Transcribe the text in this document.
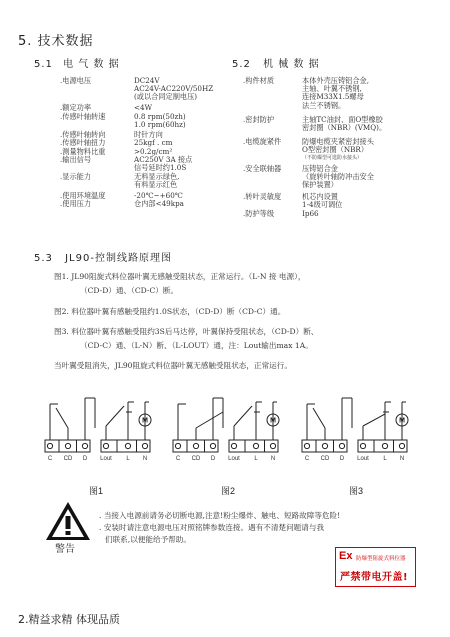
5. 技术数据
5.1 电 气 数 据	5.2 机 械 数 据
.电源电压	DC24V
AC24V-AC220V/50HZ
(或以合同定制电压)
.额定功率	<4W
.传感叶轴转速	0.8 rpm(50zh)
1.0 rpm(60hz)
.传感叶轴转向	时针方向
.传感叶轴扭力	25kgf . cm
.测量物料比重	>0.2g/cm²
.输出信号	AC250V 3A 接点
信号延时约1.0S
.显示能力	无料显示绿色,
有料显示红色
.使用环境温度	-20℃~+60℃
.使用压力	仓内部<49kpa
.构件材质	本体外壳压铸铝合金,
主轴、叶翼不锈钢,
连接M33X1.5螺母
法兰不锈钢。
.密封防护	主轴TC油封、面O型橡胶
密封圈（NBR）(VMQ)。
.电缆旋紧件	防爆电缆夹紧密封接头
O型密封圈（NBR）
（不防爆型可选防水接头）
.安全联轴器	压铸铝合金
（旋转叶轴防冲击安全
保护装置）
.转叶灵敏度	机芯内设置
1-4级可调位
.防护等级	Ip66
5.3 JL90-控制线路原理图
图1. JL90阻旋式料位器叶翼无感触受阻状态，正常运行。（L-N 接 电源），
（CD-D）通、（CD-C）断。
图2. 料位器叶翼有感触受阻约1.0S状态，（CD-D）断（CD-C）通。
图3. 料位器叶翼有感触受阻约3S后马达停，叶翼保持受阻状态，（CD-D）断、
（CD-C）通、（L-N）断、（L-LOUT）通，注：Lout输出max 1A。
当叶翼受阻消失，JL90阻旋式料位器叶翼无感触受阻状态，正常运行。
C CD D Lout L N
M
C CD D Lout L N
M
C CD D Lout L N
M
图1	图2	图3
警告
. 当接入电源前请务必切断电源,注意!粉尘爆炸、触电、短路故障等危险!
. 安装时请注意电源电压对照铭牌参数连接。遇有不清楚问题请与我
们联系,以便能给予帮助。
Ex 防爆型阻旋式料位器
严禁带电开盖!
2.精益求精 体现品质
